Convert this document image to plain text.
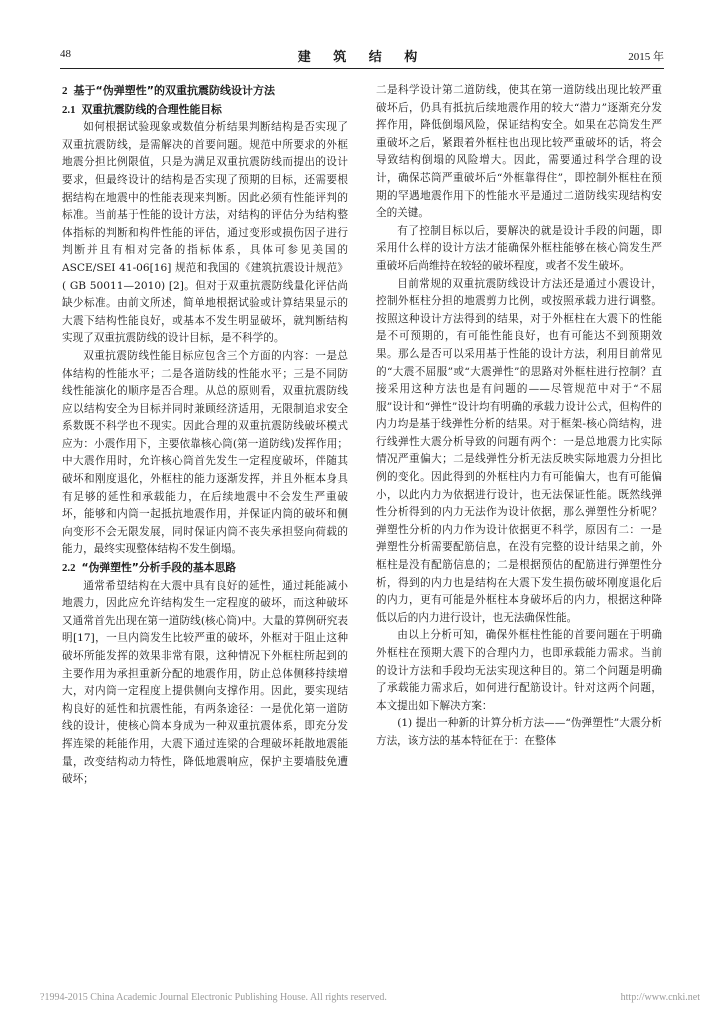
48	建 筑 结 构	2015 年
2 基于“伪弹塑性”的双重抗震防线设计方法
2.1 双重抗震防线的合理性能目标

如何根据试验现象或数值分析结果判断结构是否实现了双重抗震防线，是需解决的首要问题。规范中所要求的外框地震分担比例限值，只是为满足双重抗震防线而提出的设计要求，但最终设计的结构是否实现了预期的目标，还需要根据结构在地震中的性能表现来判断。因此必须有性能评判的标准。当前基于性能的设计方法，对结构的评估分为结构整体指标的判断和构件性能的评估，通过变形或损伤因子进行判断并且有相对完备的指标体系，具体可参见美国的 ASCE/SEI 41-06[16] 规范和我国的《建筑抗震设计规范》( GB 50011—2010) [2]。但对于双重抗震防线量化评估尚缺少标准。由前文所述，简单地根据试验或计算结果显示的大震下结构性能良好，或基本不发生明显破坏，就判断结构实现了双重抗震防线的设计目标，是不科学的。

双重抗震防线性能目标应包含三个方面的内容：一是总体结构的性能水平；二是各道防线的性能水平；三是不同防线性能演化的顺序是否合理。从总的原则看，双重抗震防线应以结构安全为目标并同时兼顾经济适用，无限制追求安全系数既不科学也不现实。因此合理的双重抗震防线破坏模式应为：小震作用下，主要依靠核心筒(第一道防线)发挥作用；中大震作用时，允许核心筒首先发生一定程度破坏，伴随其破坏和刚度退化，外框柱的能力逐渐发挥，并且外框本身具有足够的延性和承载能力，在后续地震中不会发生严重破坏，能够和内筒一起抵抗地震作用，并保证内筒的破坏和侧向变形不会无限发展，同时保证内筒不丧失承担竖向荷载的能力，最终实现整体结构不发生倒塌。

2.2 “伪弹塑性”分析手段的基本思路

通常希望结构在大震中具有良好的延性，通过耗能减小地震力，因此应允许结构发生一定程度的破坏，而这种破坏又通常首先出现在第一道防线(核心筒)中。大量的算例研究表明[17]，一旦内筒发生比较严重的破坏，外框对于阻止这种破坏所能发挥的效果非常有限，这种情况下外框柱所起到的主要作用为承担重新分配的地震作用，防止总体侧移持续增大，对内筒一定程度上提供侧向支撑作用。因此，要实现结构良好的延性和抗震性能，有两条途径：一是优化第一道防线的设计，使核心筒本身成为一种双重抗震体系，即充分发挥连梁的耗能作用，大震下通过连梁的合理破坏耗散地震能量，改变结构动力特性，降低地震响应，保护主要墙肢免遭破坏；

二是科学设计第二道防线，使其在第一道防线出现比较严重破坏后，仍具有抵抗后续地震作用的较大“潜力”逐渐充分发挥作用，降低倒塌风险，保证结构安全。如果在芯筒发生严重破坏之后，紧跟着外框柱也出现比较严重破坏的话，将会导致结构倒塌的风险增大。因此，需要通过科学合理的设计，确保芯筒严重破坏后“外框靠得住”，即控制外框柱在预期的罕遇地震作用下的性能水平是通过二道防线实现结构安全的关键。

有了控制目标以后，要解决的就是设计手段的问题，即采用什么样的设计方法才能确保外框柱能够在核心筒发生严重破坏后尚维持在较轻的破坏程度，或者不发生破坏。

目前常规的双重抗震防线设计方法还是通过小震设计，控制外框柱分担的地震剪力比例，或按照承载力进行调整。按照这种设计方法得到的结果，对于外框柱在大震下的性能是不可预期的，有可能性能良好，也有可能达不到预期效果。那么是否可以采用基于性能的设计方法，利用目前常见的“大震不屈服”或“大震弹性”的思路对外框柱进行控制？直接采用这种方法也是有问题的——尽管规范中对于“不屈服”设计和“弹性”设计均有明确的承载力设计公式，但构件的内力均是基于线弹性分析的结果。对于框架-核心筒结构，进行线弹性大震分析导致的问题有两个：一是总地震力比实际情况严重偏大；二是线弹性分析无法反映实际地震力分担比例的变化。因此得到的外框柱内力有可能偏大，也有可能偏小，以此内力为依据进行设计，也无法保证性能。既然线弹性分析得到的内力无法作为设计依据，那么弹塑性分析呢？弹塑性分析的内力作为设计依据更不科学，原因有二：一是弹塑性分析需要配筋信息，在没有完整的设计结果之前，外框柱是没有配筋信息的；二是根据预估的配筋进行弹塑性分析，得到的内力也是结构在大震下发生损伤破坏刚度退化后的内力，更有可能是外框柱本身破坏后的内力，根据这种降低以后的内力进行设计，也无法确保性能。

由以上分析可知，确保外框柱性能的首要问题在于明确外框柱在预期大震下的合理内力，也即承载能力需求。当前的设计方法和手段均无法实现这种目的。第二个问题是明确了承载能力需求后，如何进行配筋设计。针对这两个问题，本文提出如下解决方案：

(1) 提出一种新的计算分析方法——“伪弹塑性”大震分析方法，该方法的基本特征在于：在整体

?1994-2015 China Academic Journal Electronic Publishing House. All rights reserved.	http://www.cnki.net
